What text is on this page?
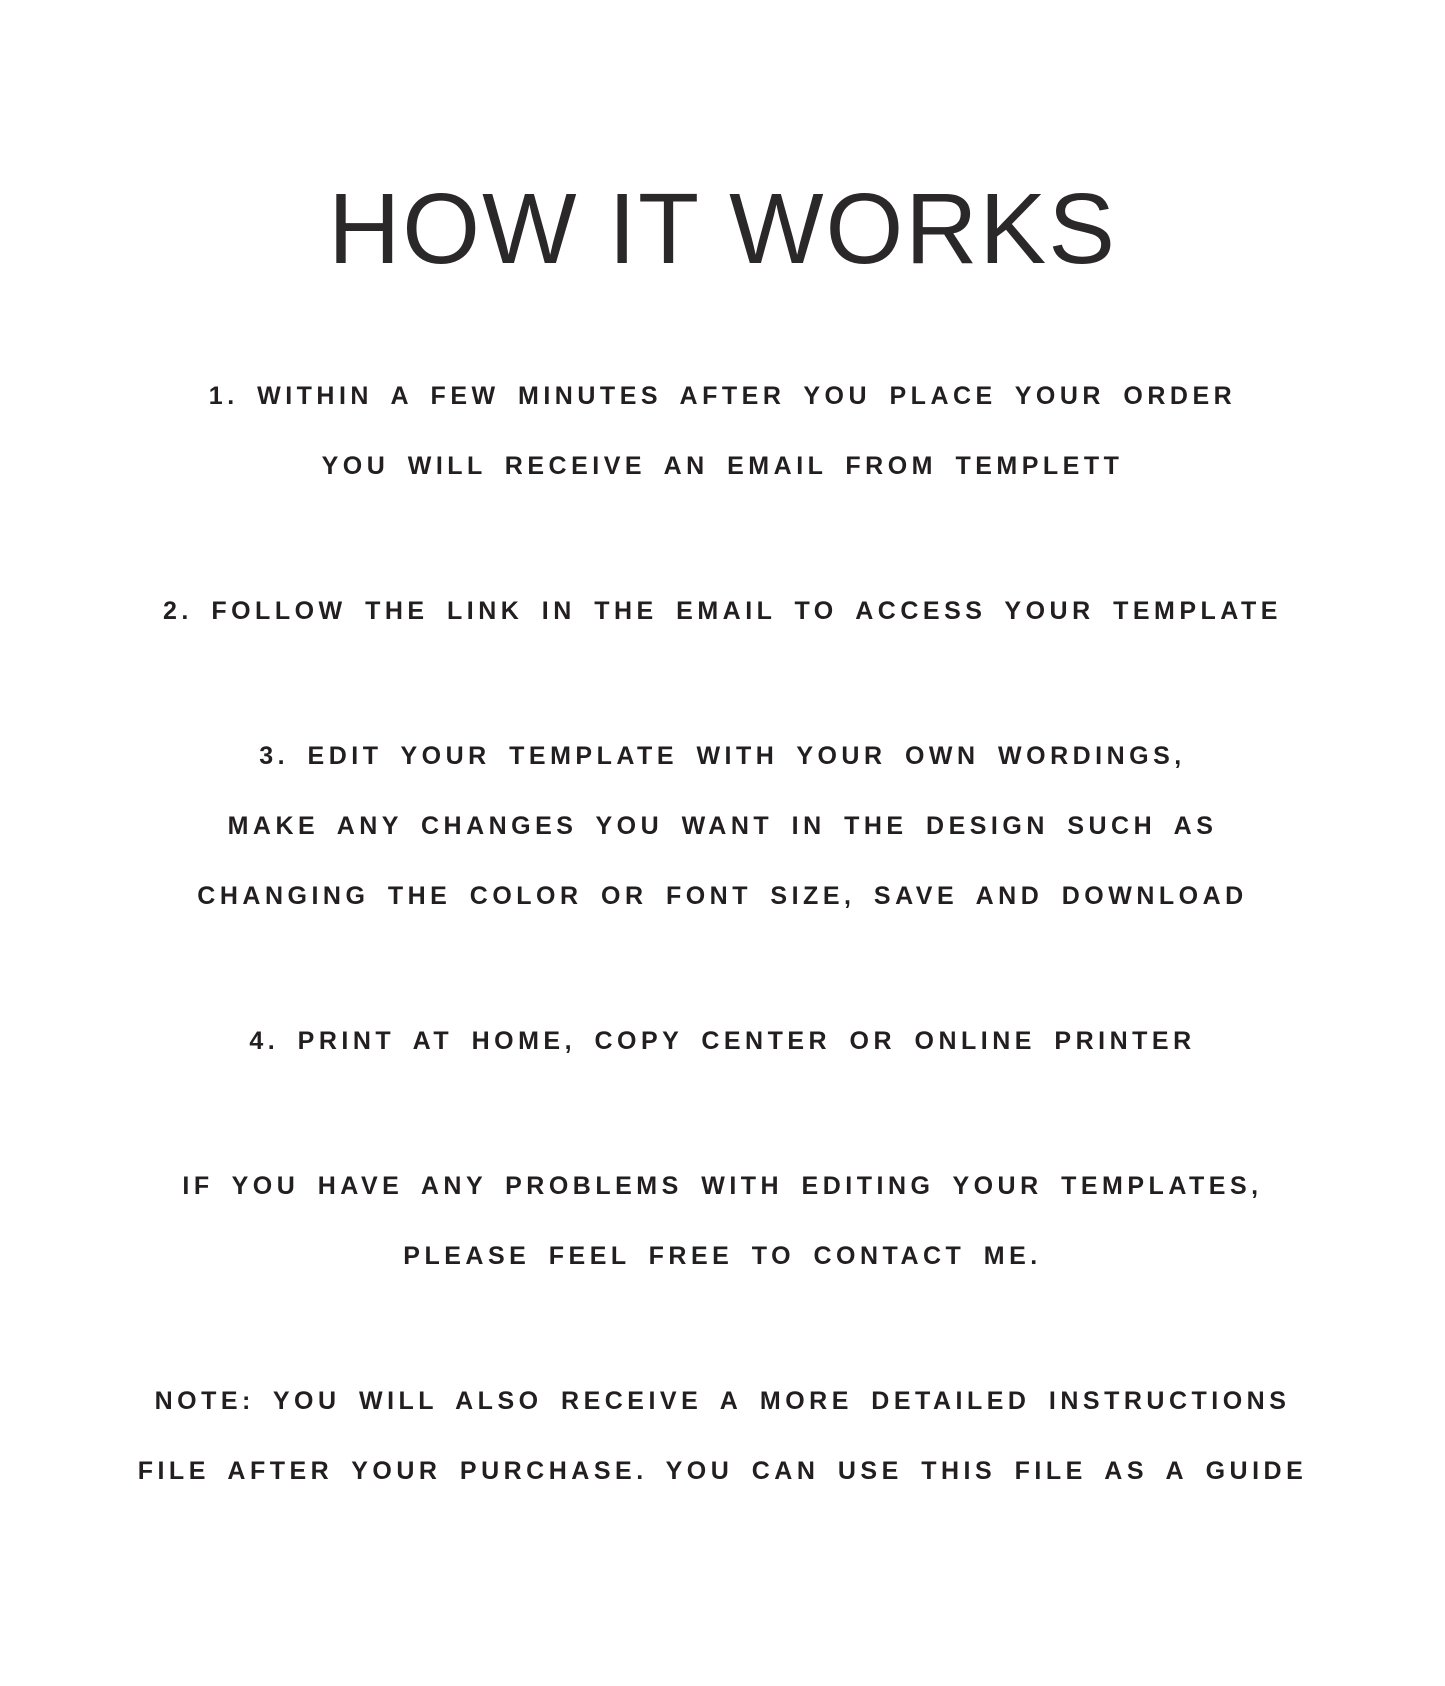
HOW IT WORKS
1. WITHIN A FEW MINUTES AFTER YOU PLACE YOUR ORDER
YOU WILL RECEIVE AN EMAIL FROM TEMPLETT
2. FOLLOW THE LINK IN THE EMAIL TO ACCESS YOUR TEMPLATE
3. EDIT YOUR TEMPLATE WITH YOUR OWN WORDINGS,
MAKE ANY CHANGES YOU WANT IN THE DESIGN SUCH AS
CHANGING THE COLOR OR FONT SIZE, SAVE AND DOWNLOAD
4. PRINT AT HOME, COPY CENTER OR ONLINE PRINTER
IF YOU HAVE ANY PROBLEMS WITH EDITING YOUR TEMPLATES,
PLEASE FEEL FREE TO CONTACT ME.
NOTE: YOU WILL ALSO RECEIVE A MORE DETAILED INSTRUCTIONS
FILE AFTER YOUR PURCHASE. YOU CAN USE THIS FILE AS A GUIDE
